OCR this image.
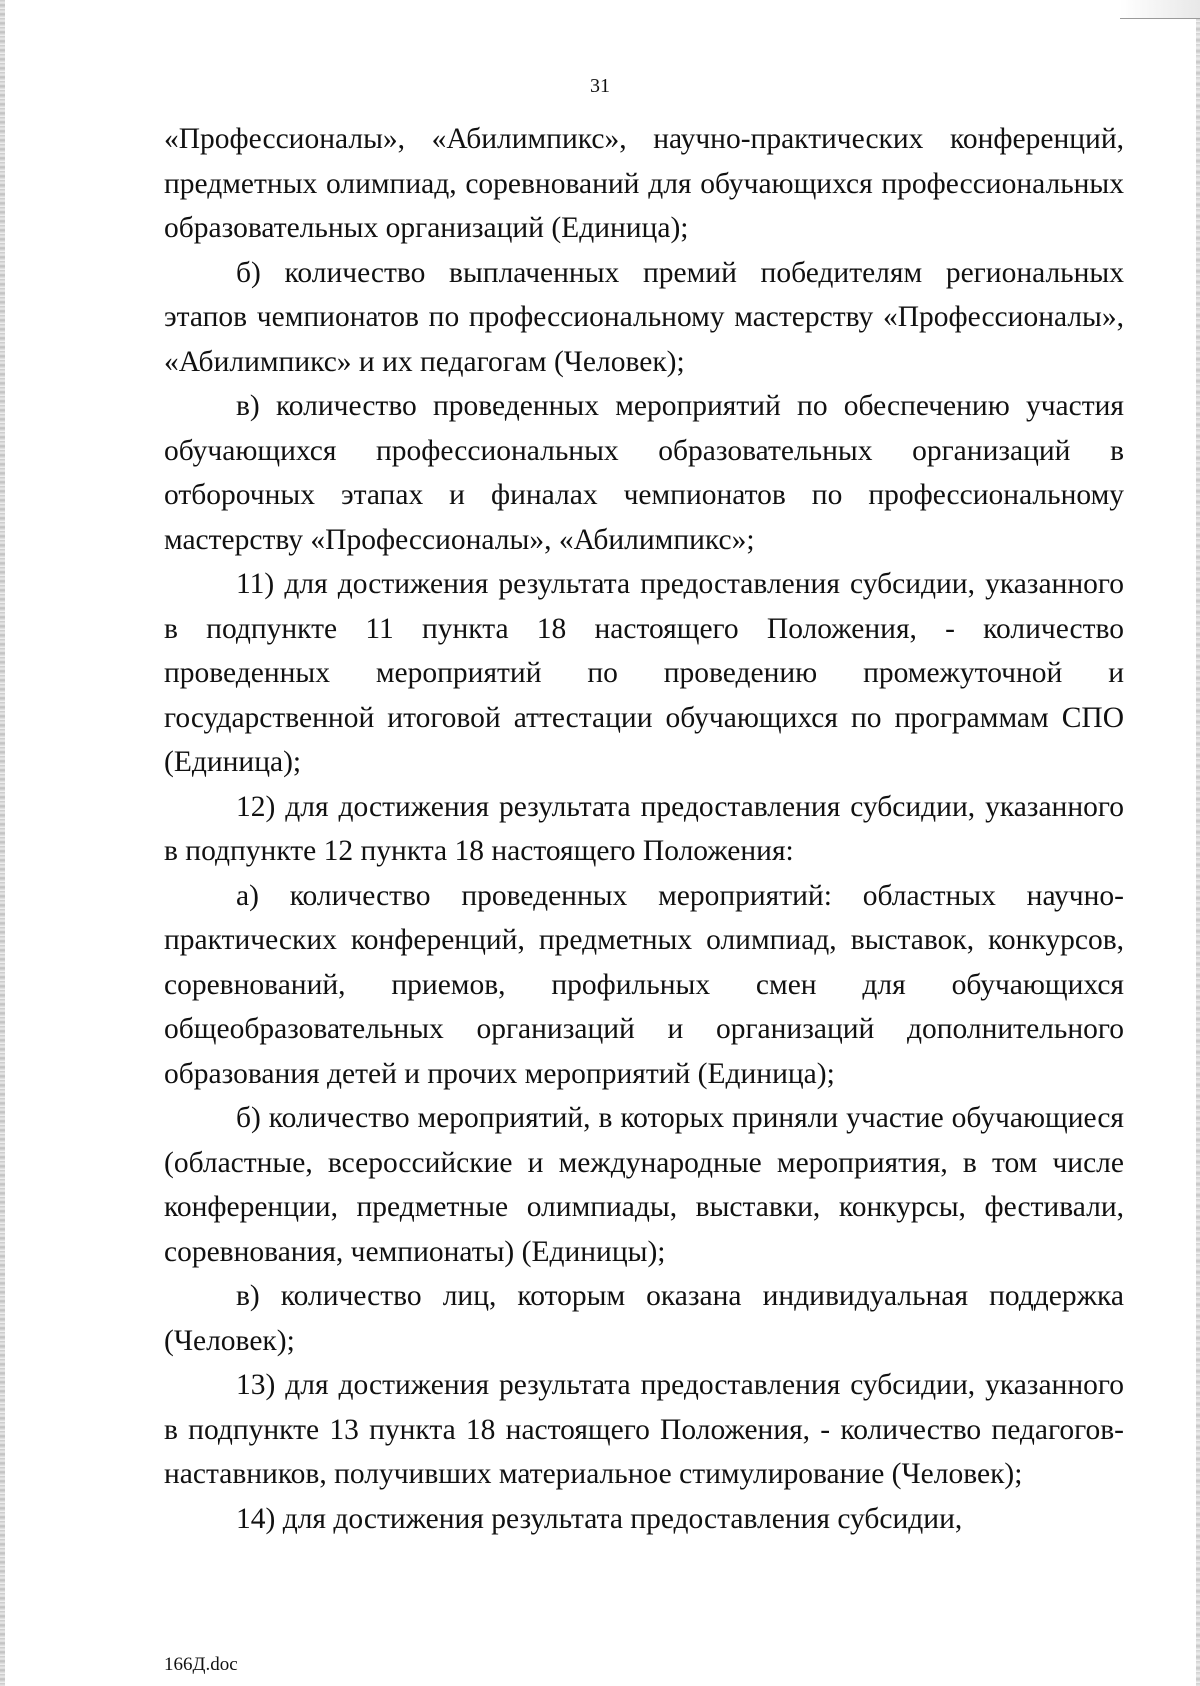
31

«Профессионалы», «Абилимпикс», научно-практических конференций, предметных олимпиад, соревнований для обучающихся профессиональных образовательных организаций (Единица);

б) количество выплаченных премий победителям региональных этапов чемпионатов по профессиональному мастерству «Профессионалы», «Абилимпикс» и их педагогам (Человек);

в) количество проведенных мероприятий по обеспечению участия обучающихся профессиональных образовательных организаций в отборочных этапах и финалах чемпионатов по профессиональному мастерству «Профессионалы», «Абилимпикс»;

11) для достижения результата предоставления субсидии, указанного в подпункте 11 пункта 18 настоящего Положения, - количество проведенных мероприятий по проведению промежуточной и государственной итоговой аттестации обучающихся по программам СПО (Единица);

12) для достижения результата предоставления субсидии, указанного в подпункте 12 пункта 18 настоящего Положения:

а) количество проведенных мероприятий: областных научно-практических конференций, предметных олимпиад, выставок, конкурсов, соревнований, приемов, профильных смен для обучающихся общеобразовательных организаций и организаций дополнительного образования детей и прочих мероприятий (Единица);

б) количество мероприятий, в которых приняли участие обучающиеся (областные, всероссийские и международные мероприятия, в том числе конференции, предметные олимпиады, выставки, конкурсы, фестивали, соревнования, чемпионаты) (Единицы);

в) количество лиц, которым оказана индивидуальная поддержка (Человек);

13) для достижения результата предоставления субсидии, указанного в подпункте 13 пункта 18 настоящего Положения, - количество педагогов-наставников, получивших материальное стимулирование (Человек);

14) для достижения результата предоставления субсидии,

166Д.doc
